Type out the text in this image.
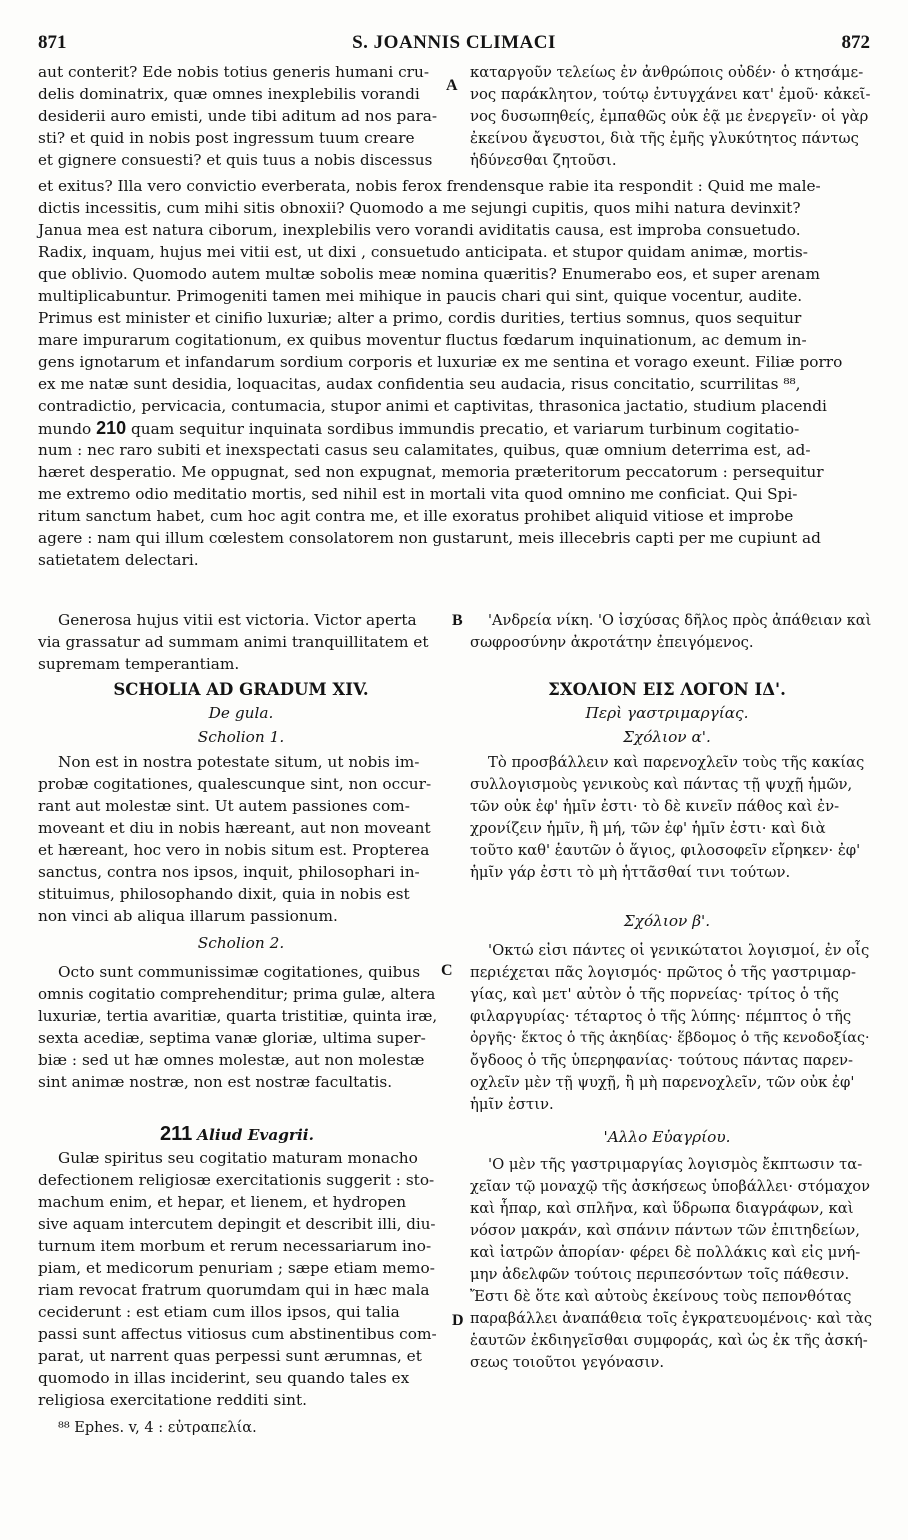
871	S. JOANNIS CLIMACI	872
A
B
C
D
aut conterit? Ede nobis totius generis humani cru-
delis dominatrix, quæ omnes inexplebilis vorandi
desiderii auro emisti, unde tibi aditum ad nos para-
sti? et quid in nobis post ingressum tuum creare
et gignere consuesti? et quis tuus a nobis discessus
καταργοῦν τελείως ἐν ἀνθρώποις οὐδέν· ὁ κτησάμε-
νος παράκλητον, τούτῳ ἐντυγχάνει κατ' ἐμοῦ· κἀκεῖ-
νος δυσωπηθείς, ἐμπαθῶς οὐκ ἐᾷ με ἐνεργεῖν· οἱ γὰρ
ἐκείνου ἄγευστοι, διὰ τῆς ἐμῆς γλυκύτητος πάντως
ἡδύνεσθαι ζητοῦσι.
et exitus? Illa vero convictio everberata, nobis ferox frendensque rabie ita respondit : Quid me male-
dictis incessitis, cum mihi sitis obnoxii? Quomodo a me sejungi cupitis, quos mihi natura devinxit?
Janua mea est natura ciborum, inexplebilis vero vorandi aviditatis causa, est improba consuetudo.
Radix, inquam, hujus mei vitii est, ut dixi , consuetudo anticipata. et stupor quidam animæ, mortis-
que oblivio. Quomodo autem multæ sobolis meæ nomina quæritis? Enumerabo eos, et super arenam
multiplicabuntur. Primogeniti tamen mei mihique in paucis chari qui sint, quique vocentur, audite.
Primus est minister et cinifio luxuriæ; alter a primo, cordis durities, tertius somnus, quos sequitur
mare impurarum cogitationum, ex quibus moventur fluctus fœdarum inquinationum, ac demum in-
gens ignotarum et infandarum sordium corporis et luxuriæ ex me sentina et vorago exeunt. Filiæ porro
ex me natæ sunt desidia, loquacitas, audax confidentia seu audacia, risus concitatio, scurrilitas ⁸⁸,
contradictio, pervicacia, contumacia, stupor animi et captivitas, thrasonica jactatio, studium placendi
mundo 210 quam sequitur inquinata sordibus immundis precatio, et variarum turbinum cogitatio-
num : nec raro subiti et inexspectati casus seu calamitates, quibus, quæ omnium deterrima est, ad-
hæret desperatio. Me oppugnat, sed non expugnat, memoria præteritorum peccatorum : persequitur
me extremo odio meditatio mortis, sed nihil est in mortali vita quod omnino me conficiat. Qui Spi-
ritum sanctum habet, cum hoc agit contra me, et ille exoratus prohibet aliquid vitiose et improbe
agere : nam qui illum cœlestem consolatorem non gustarunt, meis illecebris capti per me cupiunt ad
satietatem delectari.
Generosa hujus vitii est victoria. Victor aperta
via grassatur ad summam animi tranquillitatem et
supremam temperantiam.
'Ανδρεία νίκη. 'Ο ἰσχύσας δῆλος πρὸς ἀπάθειαν καὶ
σωφροσύνην ἀκροτάτην ἐπειγόμενος.
SCHOLIA AD GRADUM XIV.
De gula.
Scholion 1.
Non est in nostra potestate situm, ut nobis im-
probæ cogitationes, qualescunque sint, non occur-
rant aut molestæ sint. Ut autem passiones com-
moveant et diu in nobis hæreant, aut non moveant
et hæreant, hoc vero in nobis situm est. Propterea
sanctus, contra nos ipsos, inquit, philosophari in-
stituimus, philosophando dixit, quia in nobis est
non vinci ab aliqua illarum passionum.
Scholion 2.
Octo sunt communissimæ cogitationes, quibus
omnis cogitatio comprehenditur; prima gulæ, altera
luxuriæ, tertia avaritiæ, quarta tristitiæ, quinta iræ,
sexta acediæ, septima vanæ gloriæ, ultima super-
biæ : sed ut hæ omnes molestæ, aut non molestæ
sint animæ nostræ, non est nostræ facultatis.
211 Aliud Evagrii.
Gulæ spiritus seu cogitatio maturam monacho
defectionem religiosæ exercitationis suggerit : sto-
machum enim, et hepar, et lienem, et hydropen
sive aquam intercutem depingit et describit illi, diu-
turnum item morbum et rerum necessariarum ino-
piam, et medicorum penuriam ; sæpe etiam memo-
riam revocat fratrum quorumdam qui in hæc mala
ceciderunt : est etiam cum illos ipsos, qui talia
passi sunt affectus vitiosus cum abstinentibus com-
parat, ut narrent quas perpessi sunt ærumnas, et
quomodo in illas inciderint, seu quando tales ex
religiosa exercitatione redditi sint.
⁸⁸ Ephes. v, 4 : εὐτραπελία.
ΣΧΟΛΙΟΝ ΕΙΣ ΛΟΓΟΝ ΙΔ'.
Περὶ γαστριμαργίας.
Σχόλιον α'.
Τὸ προσβάλλειν καὶ παρενοχλεῖν τοὺς τῆς κακίας
συλλογισμοὺς γενικοὺς καὶ πάντας τῇ ψυχῇ ἡμῶν,
τῶν οὐκ ἐφ' ἡμῖν ἐστι· τὸ δὲ κινεῖν πάθος καὶ ἐν-
χρονίζειν ἡμῖν, ἢ μή, τῶν ἐφ' ἡμῖν ἐστι· καὶ διὰ
τοῦτο καθ' ἑαυτῶν ὁ ἅγιος, φιλοσοφεῖν εἴρηκεν· ἐφ'
ἡμῖν γάρ ἐστι τὸ μὴ ἡττᾶσθαί τινι τούτων.
Σχόλιον β'.
'Οκτώ εἰσι πάντες οἱ γενικώτατοι λογισμοί, ἐν οἷς
περιέχεται πᾶς λογισμός· πρῶτος ὁ τῆς γαστριμαρ-
γίας, καὶ μετ' αὐτὸν ὁ τῆς πορνείας· τρίτος ὁ τῆς
φιλαργυρίας· τέταρτος ὁ τῆς λύπης· πέμπτος ὁ τῆς
ὀργῆς· ἕκτος ὁ τῆς ἀκηδίας· ἕβδομος ὁ τῆς κενοδοξίας·
ὄγδοος ὁ τῆς ὑπερηφανίας· τούτους πάντας παρεν-
οχλεῖν μὲν τῇ ψυχῇ, ἢ μὴ παρενοχλεῖν, τῶν οὐκ ἐφ'
ἡμῖν ἐστιν.
'Αλλο Εὐαγρίου.
'Ο μὲν τῆς γαστριμαργίας λογισμὸς ἔκπτωσιν τα-
χεῖαν τῷ μοναχῷ τῆς ἀσκήσεως ὑποβάλλει· στόμαχον
καὶ ἧπαρ, καὶ σπλῆνα, καὶ ὕδρωπα διαγράφων, καὶ
νόσον μακράν, καὶ σπάνιν πάντων τῶν ἐπιτηδείων,
καὶ ἰατρῶν ἀπορίαν· φέρει δὲ πολλάκις καὶ εἰς μνή-
μην ἀδελφῶν τούτοις περιπεσόντων τοῖς πάθεσιν.
Ἔστι δὲ ὅτε καὶ αὐτοὺς ἐκείνους τοὺς πεπονθότας
παραβάλλει ἀναπάθεια τοῖς ἐγκρατευομένοις· καὶ τὰς
ἑαυτῶν ἐκδιηγεῖσθαι συμφοράς, καὶ ὡς ἐκ τῆς ἀσκή-
σεως τοιοῦτοι γεγόνασιν.
